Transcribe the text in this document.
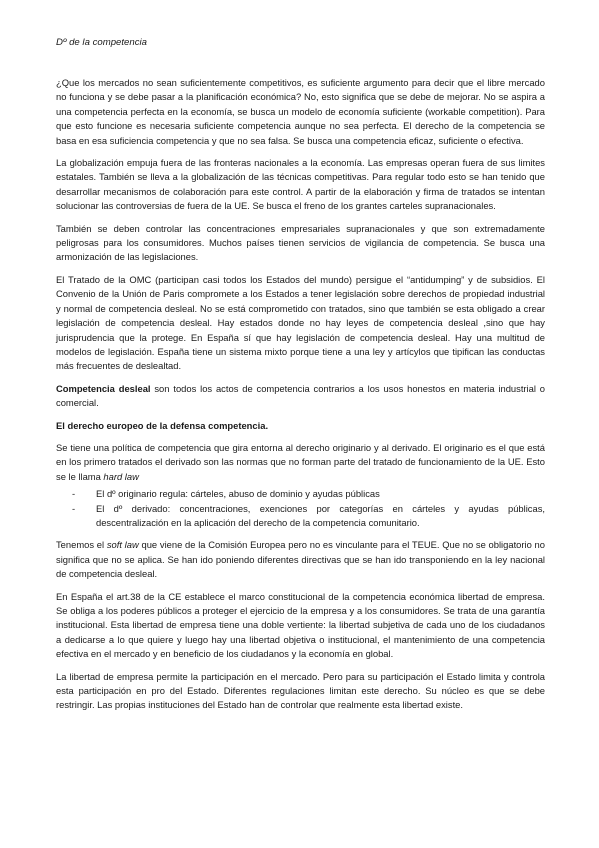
Dº de la competencia

¿Que los mercados no sean suficientemente competitivos, es suficiente argumento para decir que el libre mercado no funciona y se debe pasar a la planificación económica? No, esto significa que se debe de mejorar. No se aspira a una competencia perfecta en la economía, se busca un modelo de economía suficiente (workable competition). Para que esto funcione es necesaria suficiente competencia aunque no sea perfecta. El derecho de la competencia se basa en esa suficiencia competencia y que no sea falsa. Se busca una competencia eficaz, suficiente o efectiva.

La globalización empuja fuera de las fronteras nacionales a la economía. Las empresas operan fuera de sus limites estatales. También se lleva a la globalización de las técnicas competitivas. Para regular todo esto se han tenido que desarrollar mecanismos de colaboración para este control. A partir de la elaboración y firma de tratados se intentan solucionar las controversias de fuera de la UE. Se busca el freno de los grantes carteles supranacionales.

También se deben controlar las concentraciones empresariales supranacionales y que son extremadamente peligrosas para los consumidores. Muchos países tienen servicios de vigilancia de competencia. Se busca una armonización de las legislaciones.

El Tratado de la OMC (participan casi todos los Estados del mundo) persigue el “antidumping” y de subsidios. El Convenio de la Unión de Paris compromete a los Estados a tener legislación sobre derechos de propiedad industrial y normal de competencia desleal. No se está comprometido con tratados, sino que también se esta obligado a crear legislación de competencia desleal. Hay estados donde no hay leyes de competencia desleal ,sino que hay jurisprudencia que la protege. En España sí que hay legislación de competencia desleal. Hay una multitud de modelos de legislación. España tiene un sistema mixto porque tiene a una ley y artícylos que tipifican las conductas más frecuentes de deslealtad.

Competencia desleal son todos los actos de competencia contrarios a los usos honestos en materia industrial o comercial.

El derecho europeo de la defensa competencia.

Se tiene una política de competencia que gira entorna al derecho originario y al derivado. El originario es el que está en los primero tratados el derivado son las normas que no forman parte del tratado de funcionamiento de la UE. Esto se le llama hard law

- El dº originario regula: cárteles, abuso de dominio y ayudas públicas
- El dº derivado: concentraciones, exenciones por categorías en cárteles y ayudas públicas, descentralización en la aplicación del derecho de la competencia comunitario.

Tenemos el soft law que viene de la Comisión Europea pero no es vinculante para el TEUE. Que no se obligatorio no significa que no se aplica. Se han ido poniendo diferentes directivas que se han ido transponiendo en la ley nacional de competencia desleal.

En España el art.38 de la CE establece el marco constitucional de la competencia económica libertad de empresa. Se obliga a los poderes públicos a proteger el ejercicio de la empresa y a los consumidores. Se trata de una garantía institucional. Esta libertad de empresa tiene una doble vertiente: la libertad subjetiva de cada uno de los ciudadanos a dedicarse a lo que quiere y luego hay una libertad objetiva o institucional, el mantenimiento de una competencia efectiva en el mercado y en beneficio de los ciudadanos y la economía en global.

La libertad de empresa permite la participación en el mercado. Pero para su participación el Estado limita y controla esta participación en pro del Estado. Diferentes regulaciones limitan este derecho. Su núcleo es que se debe restringir. Las propias instituciones del Estado han de controlar que realmente esta libertad existe.
